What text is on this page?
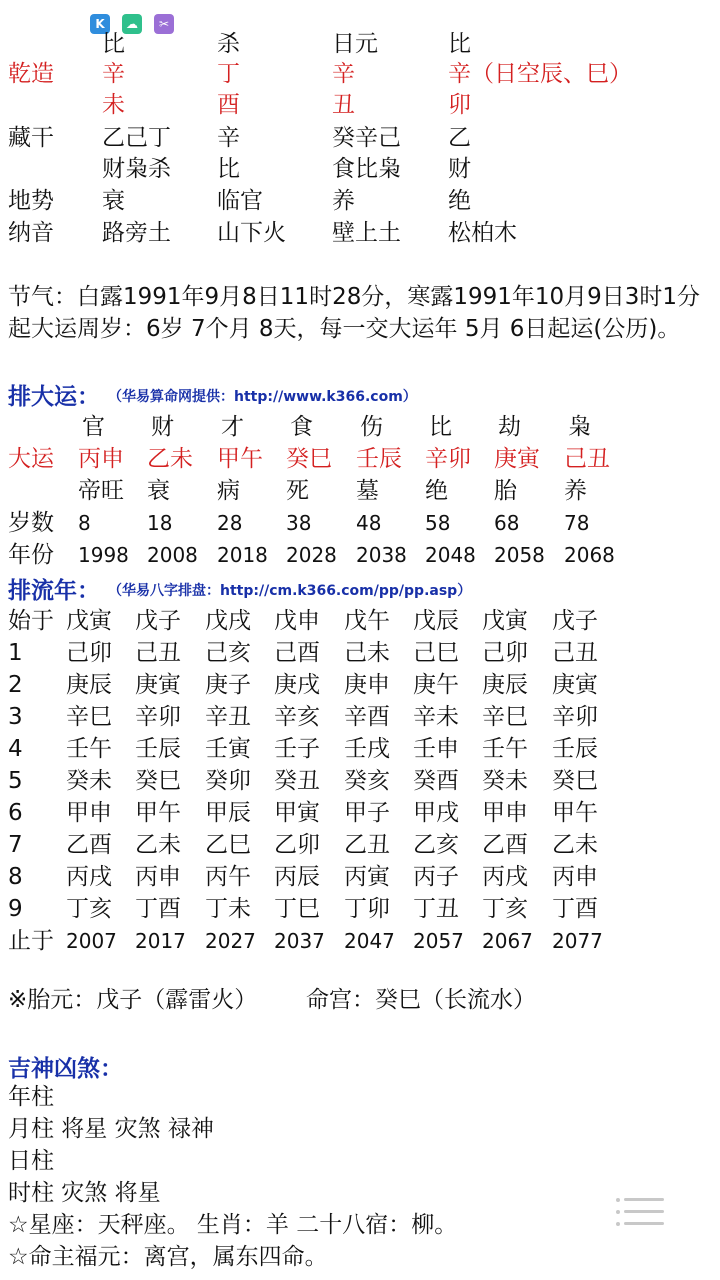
K	☁	✂
比	杀	日元	比
乾造 辛	丁	辛	辛（日空辰、巳）
未	酉	丑	卯
藏干 乙己丁 辛	癸辛己 乙
财枭杀 比	食比枭 财
地势 衰	临官	养	绝
纳音 路旁土 山下火 壁上土 松柏木
节气：白露1991年9月8日11时28分，寒露1991年10月9日3时1分
起大运周岁：6岁 7个月 8天，每一交大运年 5月 6日起运(公历)。
排大运： （华易算命网提供：http://www.k366.com）
官 财 才 食 伤 比 劫 枭
大运 丙申 乙未 甲午 癸巳 壬辰 辛卯 庚寅 己丑
帝旺 衰 病 死 墓 绝 胎 养
岁数 8	18 28 38 48 58 68 78
年份 1998 2008 2018 2028 2038 2048 2058 2068
排流年： （华易八字排盘：http://cm.k366.com/pp/pp.asp）
始于 戊寅 戊子 戊戌 戊申 戊午 戊辰 戊寅 戊子
1 己卯 己丑 己亥 己酉 己未 己巳 己卯 己丑
2 庚辰 庚寅 庚子 庚戌 庚申 庚午 庚辰 庚寅
3 辛巳 辛卯 辛丑 辛亥 辛酉 辛未 辛巳 辛卯
4 壬午 壬辰 壬寅 壬子 壬戌 壬申 壬午 壬辰
5 癸未 癸巳 癸卯 癸丑 癸亥 癸酉 癸未 癸巳
6 甲申 甲午 甲辰 甲寅 甲子 甲戌 甲申 甲午
7 乙酉 乙未 乙巳 乙卯 乙丑 乙亥 乙酉 乙未
8 丙戌 丙申 丙午 丙辰 丙寅 丙子 丙戌 丙申
9 丁亥 丁酉 丁未 丁巳 丁卯 丁丑 丁亥 丁酉
止于 2007 2017 2027 2037 2047 2057 2067 2077
※胎元：戊子（霹雷火） 命宫：癸巳（长流水）
吉神凶煞：
年柱
月柱 将星 灾煞 禄神
日柱
时柱 灾煞 将星
☆星座：天秤座。 生肖：羊 二十八宿：柳。
☆命主福元：离宫，属东四命。
